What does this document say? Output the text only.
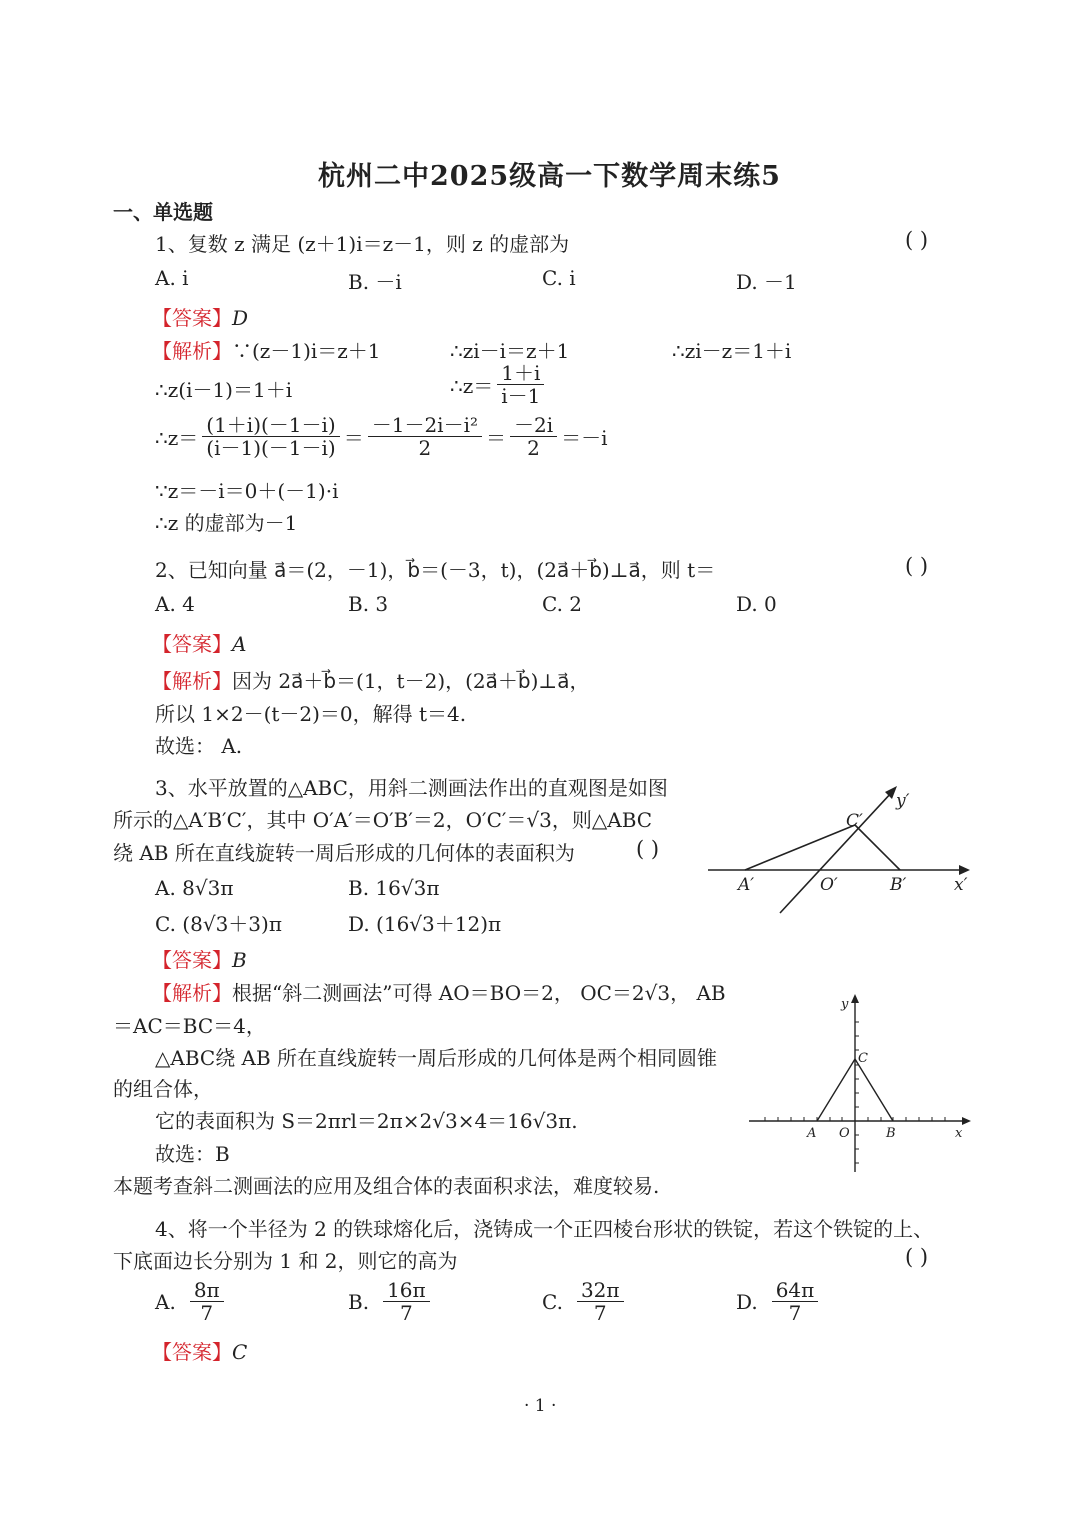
杭州二中2025级高一下数学周末练5
一、单选题
1、复数 z 满足 (z＋1)i＝z－1，则 z 的虚部为	( )
A. i	B. －i	C. i	D. －1
【答案】D
【解析】∵(z－1)i＝z＋1	∴zi－i＝z＋1	∴zi－z＝1＋i
∴z(i－1)＝1＋i	∴z＝ $\frac{1+i}{i-1}$
∴z＝ $\frac{(1+i)(-1-i)}{(i-1)(-1-i)} = \frac{\text{－1－2i－i²}}{2} = \frac{-2i}{2} =-i$
∵z＝－i＝0＋(－1)·i
∴z 的虚部为－1
2、已知向量 a⃗＝(2，－1)，b⃗＝(－3，t)，(2a⃗＋b⃗)⊥a⃗，则 t＝	( )
A. 4	B. 3	C. 2	D. 0
【答案】A
【解析】因为 2a⃗＋b⃗＝(1，t－2)，(2a⃗＋b⃗)⊥a⃗，
所以 1×2－(t－2)＝0，解得 t＝4.
故选： A.
3、水平放置的△ABC，用斜二测画法作出的直观图是如图
所示的△A′B′C′，其中 O′A′＝O′B′＝2，O′C′＝√3，则△ABC
绕 AB 所在直线旋转一周后形成的几何体的表面积为	( )
A. 8√3π	B. 16√3π
C. (8√3＋3)π	D. (16√3＋12)π
A′	O′	B′	x′
C′
y′
【答案】B
【解析】根据“斜二测画法”可得 AO＝BO＝2， OC＝2√3， AB
＝AC＝BC＝4，
△ABC绕 AB 所在直线旋转一周后形成的几何体是两个相同圆锥
的组合体，
它的表面积为 S＝2πrl＝2π×2√3×4＝16√3π.
故选：B
本题考查斜二测画法的应用及组合体的表面积求法，难度较易.
y
C
A O	B	x
4、将一个半径为 2 的铁球熔化后，浇铸成一个正四棱台形状的铁锭，若这个铁锭的上、
下底面边长分别为 1 和 2，则它的高为	( )
A. $\frac{8\pi}{7}$	B. $\frac{16\pi}{7}$	C. $\frac{32\pi}{7}$	D. $\frac{64\pi}{7}$
【答案】C
· 1 ·
